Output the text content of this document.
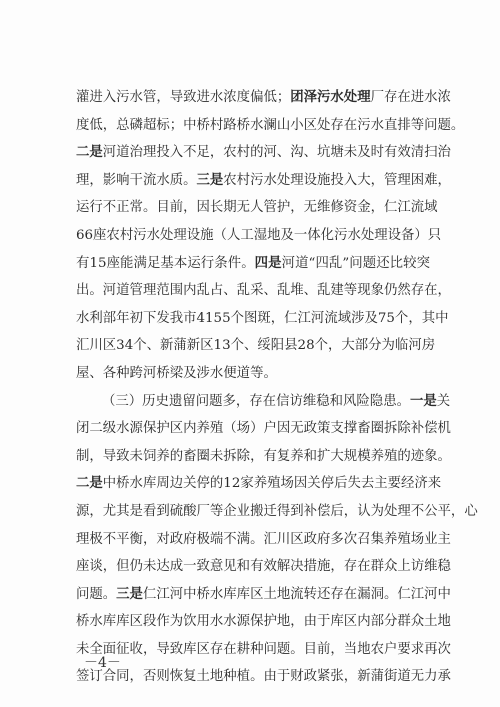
灌进入污水管，导致进水浓度偏低；团泽污水处理厂存在进水浓
度低，总磷超标；中桥村路桥水澜山小区处存在污水直排等问题。
二是河道治理投入不足，农村的河、沟、坑塘未及时有效清扫治
理，影响干流水质。三是农村污水处理设施投入大，管理困难，
运行不正常。目前，因长期无人管护，无维修资金，仁江流域
66座农村污水处理设施（人工湿地及一体化污水处理设备）只
有15座能满足基本运行条件。四是河道“四乱”问题还比较突
出。河道管理范围内乱占、乱采、乱堆、乱建等现象仍然存在，
水利部年初下发我市4155个图斑，仁江河流域涉及75个，其中
汇川区34个、新蒲新区13个、绥阳县28个，大部分为临河房
屋、各种跨河桥梁及涉水便道等。
（三）历史遗留问题多，存在信访维稳和风险隐患。一是关
闭二级水源保护区内养殖（场）户因无政策支撑畜圈拆除补偿机
制，导致未饲养的畜圈未拆除，有复养和扩大规模养殖的迹象。
二是中桥水库周边关停的12家养殖场因关停后失去主要经济来
源，尤其是看到硫酸厂等企业搬迁得到补偿后，认为处理不公平，心
理极不平衡，对政府极端不满。汇川区政府多次召集养殖场业主
座谈，但仍未达成一致意见和有效解决措施，存在群众上访维稳
问题。三是仁江河中桥水库库区土地流转还存在漏洞。仁江河中
桥水库库区段作为饮用水水源保护地，由于库区内部分群众土地
未全面征收，导致库区存在耕种问题。目前，当地农户要求再次
签订合同，否则恢复土地种植。由于财政紧张，新蒲街道无力承
－4－
